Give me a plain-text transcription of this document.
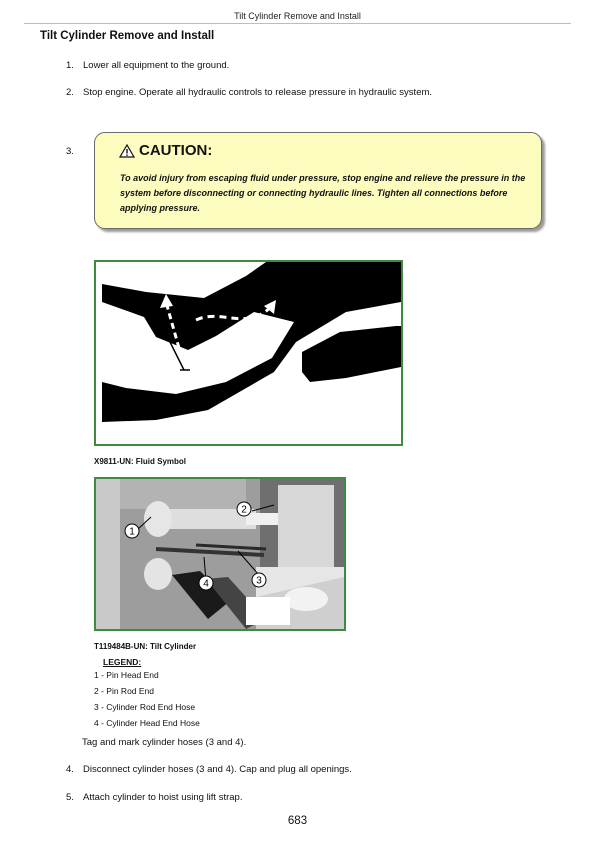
Tilt Cylinder Remove and Install
Tilt Cylinder Remove and Install
1. Lower all equipment to the ground.
2. Stop engine. Operate all hydraulic controls to release pressure in hydraulic system.
3.	CAUTION:
To avoid injury from escaping fluid under pressure, stop engine and relieve the pressure in the system before disconnecting or connecting hydraulic lines. Tighten all connections before applying pressure.
X9811-UN: Fluid Symbol
1
2
3
4
T119484B-UN: Tilt Cylinder
LEGEND:
1 - Pin Head End
2 - Pin Rod End
3 - Cylinder Rod End Hose
4 - Cylinder Head End Hose
Tag and mark cylinder hoses (3 and 4).
4. Disconnect cylinder hoses (3 and 4). Cap and plug all openings.
5. Attach cylinder to hoist using lift strap.
683
